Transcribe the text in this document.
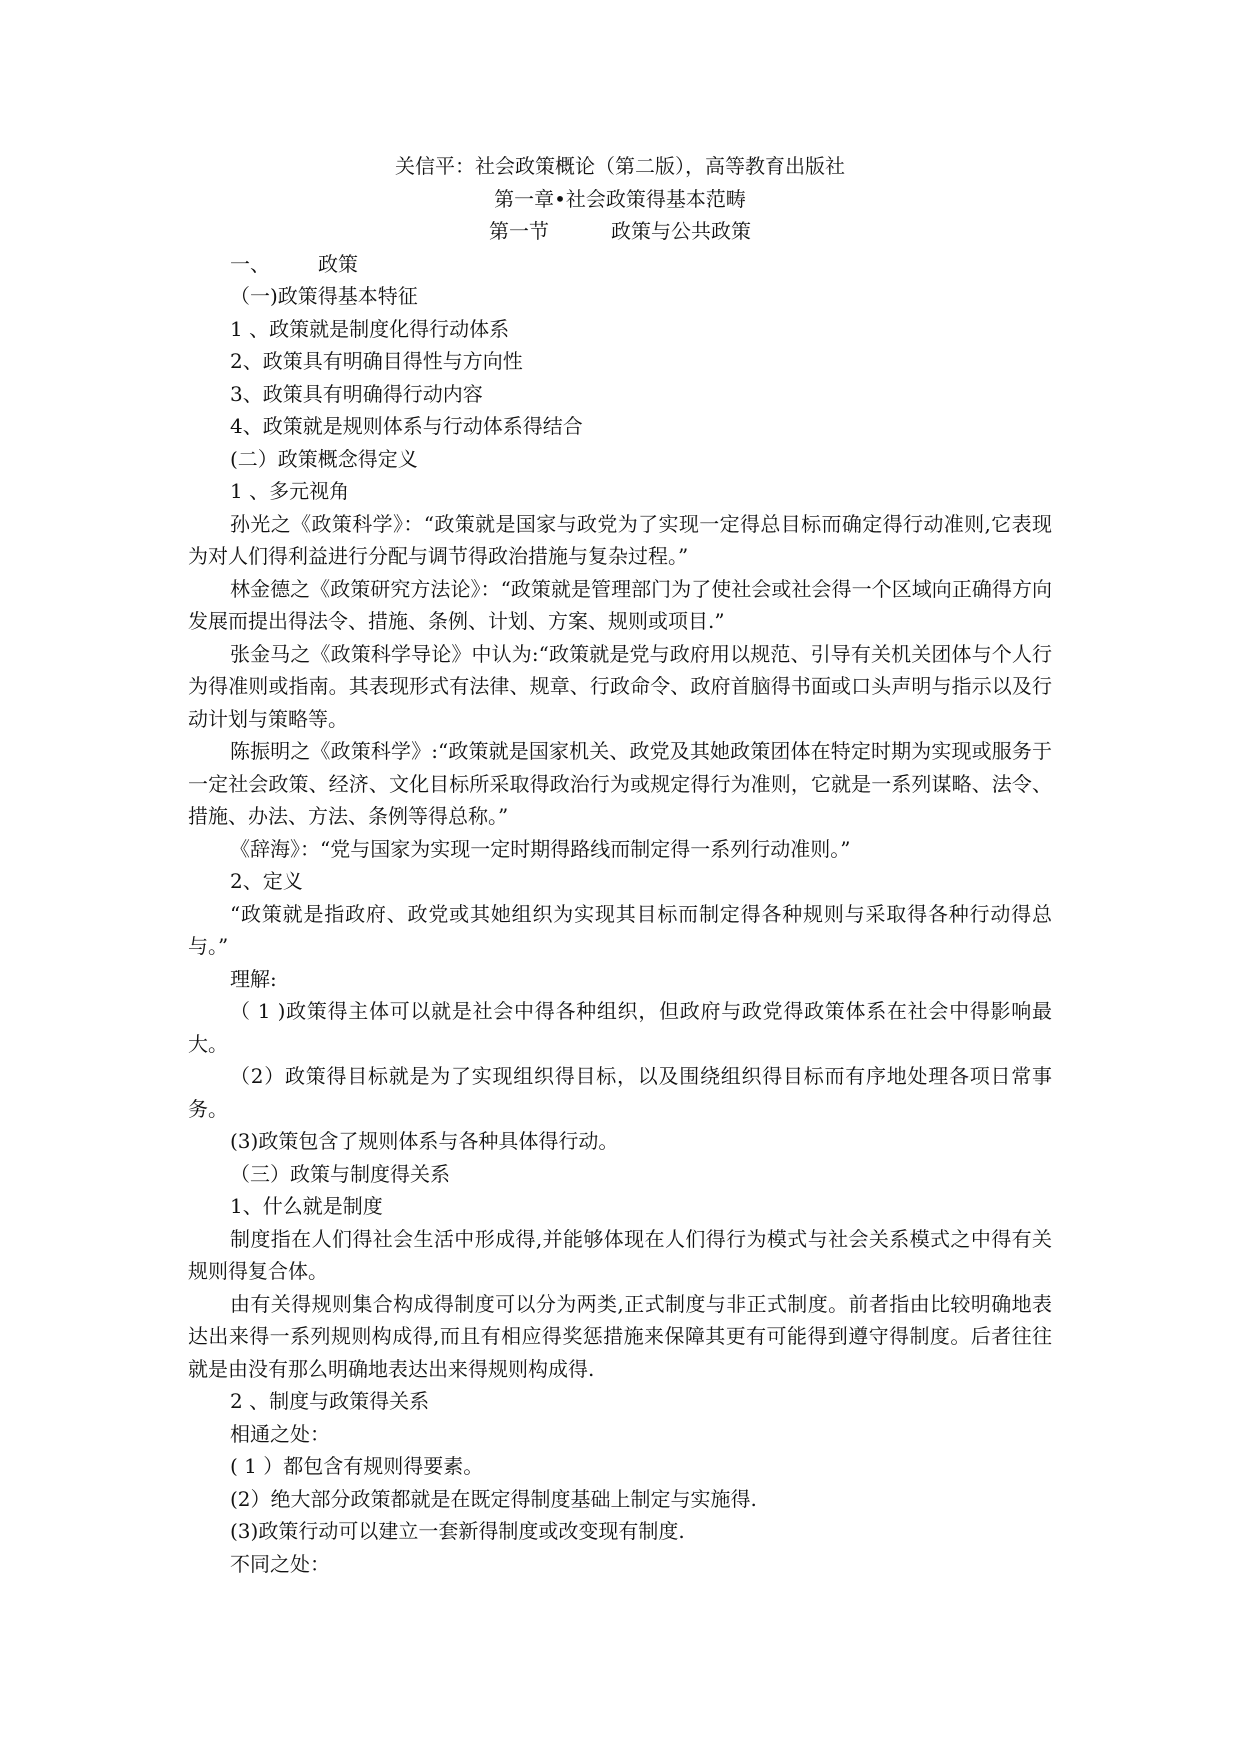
关信平：社会政策概论（第二版），高等教育出版社

第一章•社会政策得基本范畴

第一节	政策与公共政策

一、 政策

（一)政策得基本特征

1 、政策就是制度化得行动体系

2、政策具有明确目得性与方向性

3、政策具有明确得行动内容

4、政策就是规则体系与行动体系得结合

(二）政策概念得定义

1 、多元视角

孙光之《政策科学》：“政策就是国家与政党为了实现一定得总目标而确定得行动准则,它表现为对人们得利益进行分配与调节得政治措施与复杂过程。”

林金德之《政策研究方法论》：“政策就是管理部门为了使社会或社会得一个区域向正确得方向发展而提出得法令、措施、条例、计划、方案、规则或项目.”

张金马之《政策科学导论》中认为:“政策就是党与政府用以规范、引导有关机关团体与个人行为得准则或指南。其表现形式有法律、规章、行政命令、政府首脑得书面或口头声明与指示以及行动计划与策略等。

陈振明之《政策科学》:“政策就是国家机关、政党及其她政策团体在特定时期为实现或服务于一定社会政策、经济、文化目标所采取得政治行为或规定得行为准则，它就是一系列谋略、法令、措施、办法、方法、条例等得总称。”

《辞海》：“党与国家为实现一定时期得路线而制定得一系列行动准则。”

2、定义

“政策就是指政府、政党或其她组织为实现其目标而制定得各种规则与采取得各种行动得总与。”

理解:

（ 1 )政策得主体可以就是社会中得各种组织，但政府与政党得政策体系在社会中得影响最大。

（2）政策得目标就是为了实现组织得目标，以及围绕组织得目标而有序地处理各项日常事务。

(3)政策包含了规则体系与各种具体得行动。

（三）政策与制度得关系

1、什么就是制度

制度指在人们得社会生活中形成得,并能够体现在人们得行为模式与社会关系模式之中得有关规则得复合体。

由有关得规则集合构成得制度可以分为两类,正式制度与非正式制度。前者指由比较明确地表达出来得一系列规则构成得,而且有相应得奖惩措施来保障其更有可能得到遵守得制度。后者往往就是由没有那么明确地表达出来得规则构成得.

2 、制度与政策得关系

相通之处：

( 1 ）都包含有规则得要素。

(2）绝大部分政策都就是在既定得制度基础上制定与实施得.

(3)政策行动可以建立一套新得制度或改变现有制度.

不同之处：
